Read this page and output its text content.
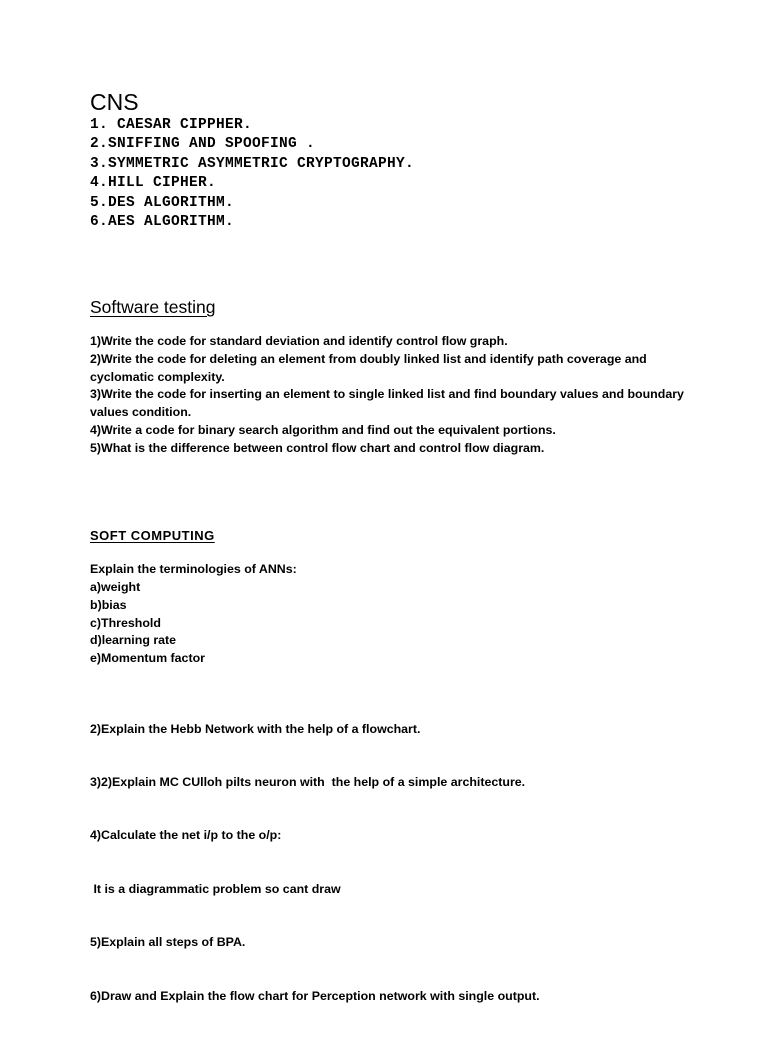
CNS
1. CAESAR CIPPHER.
2.SNIFFING AND SPOOFING .
3.SYMMETRIC ASYMMETRIC CRYPTOGRAPHY.
4.HILL CIPHER.
5.DES ALGORITHM.
6.AES ALGORITHM.
Software testing
1)Write the code for standard deviation and identify control flow graph.
2)Write the code for deleting an element from doubly linked list and identify path coverage and cyclomatic complexity.
3)Write the code for inserting an element to single linked list and find boundary values and boundary values condition.
4)Write a code for binary search algorithm and find out the equivalent portions.
5)What is the difference between control flow chart and control flow diagram.
SOFT COMPUTING

Explain the terminologies of ANNs:

a)weight
b)bias
c)Threshold
d)learning rate
e)Momentum factor

2)Explain the Hebb Network with the help of a flowchart.

3)2)Explain MC CUlloh pilts neuron with  the help of a simple architecture.

4)Calculate the net i/p to the o/p:

It is a diagrammatic problem so cant draw

5)Explain all steps of BPA.

6)Draw and Explain the flow chart for Perception network with single output.
